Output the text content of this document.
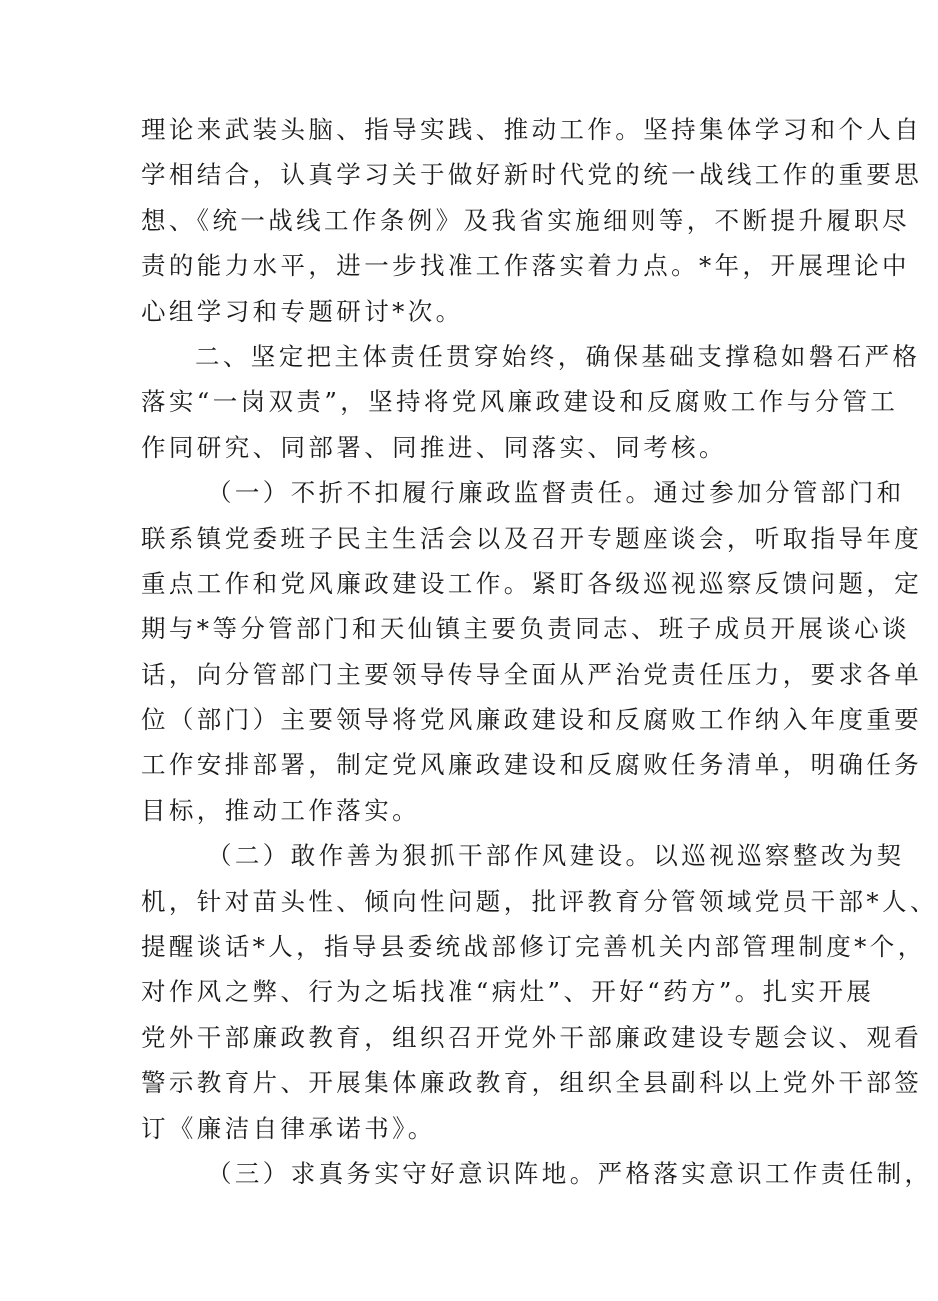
理论来武装头脑、指导实践、推动工作。坚持集体学习和个人自
学相结合，认真学习关于做好新时代党的统一战线工作的重要思
想、《统一战线工作条例》及我省实施细则等，不断提升履职尽
责的能力水平，进一步找准工作落实着力点。*年，开展理论中
心组学习和专题研讨*次。
二、坚定把主体责任贯穿始终，确保基础支撑稳如磐石严格
落实“一岗双责”，坚持将党风廉政建设和反腐败工作与分管工
作同研究、同部署、同推进、同落实、同考核。
（一）不折不扣履行廉政监督责任。通过参加分管部门和
联系镇党委班子民主生活会以及召开专题座谈会，听取指导年度
重点工作和党风廉政建设工作。紧盯各级巡视巡察反馈问题，定
期与*等分管部门和天仙镇主要负责同志、班子成员开展谈心谈
话，向分管部门主要领导传导全面从严治党责任压力，要求各单
位（部门）主要领导将党风廉政建设和反腐败工作纳入年度重要
工作安排部署，制定党风廉政建设和反腐败任务清单，明确任务
目标，推动工作落实。
（二）敢作善为狠抓干部作风建设。以巡视巡察整改为契
机，针对苗头性、倾向性问题，批评教育分管领域党员干部*人、
提醒谈话*人，指导县委统战部修订完善机关内部管理制度*个，
对作风之弊、行为之垢找准“病灶”、开好“药方”。扎实开展
党外干部廉政教育，组织召开党外干部廉政建设专题会议、观看
警示教育片、开展集体廉政教育，组织全县副科以上党外干部签
订《廉洁自律承诺书》。
（三）求真务实守好意识阵地。严格落实意识工作责任制，
